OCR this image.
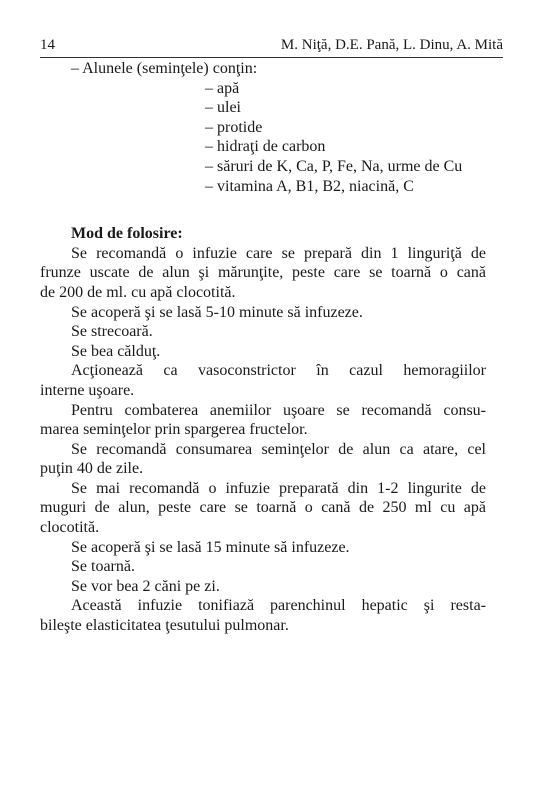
14	M. Niţă, D.E. Pană, L. Dinu, A. Mită
– Alunele (seminţele) conţin:
– apă
– ulei
– protide
– hidraţi de carbon
– săruri de K, Ca, P, Fe, Na, urme de Cu
– vitamina A, B1, B2, niacină, C
Mod de folosire:
Se recomandă o infuzie care se prepară din 1 linguriţă de
frunze uscate de alun şi mărunţite, peste care se toarnă o cană
de 200 de ml. cu apă clocotită.
Se acoperă şi se lasă 5-10 minute să infuzeze.
Se strecoară.
Se bea călduţ.
Acţionează ca vasoconstrictor în cazul hemoragiilor
interne uşoare.
Pentru combaterea anemiilor uşoare se recomandă consu-
marea seminţelor prin spargerea fructelor.
Se recomandă consumarea seminţelor de alun ca atare, cel
puţin 40 de zile.
Se mai recomandă o infuzie preparată din 1-2 lingurite de
muguri de alun, peste care se toarnă o cană de 250 ml cu apă
clocotită.
Se acoperă şi se lasă 15 minute să infuzeze.
Se toarnă.
Se vor bea 2 căni pe zi.
Această infuzie tonifiază parenchinul hepatic şi resta-
bileşte elasticitatea ţesutului pulmonar.
